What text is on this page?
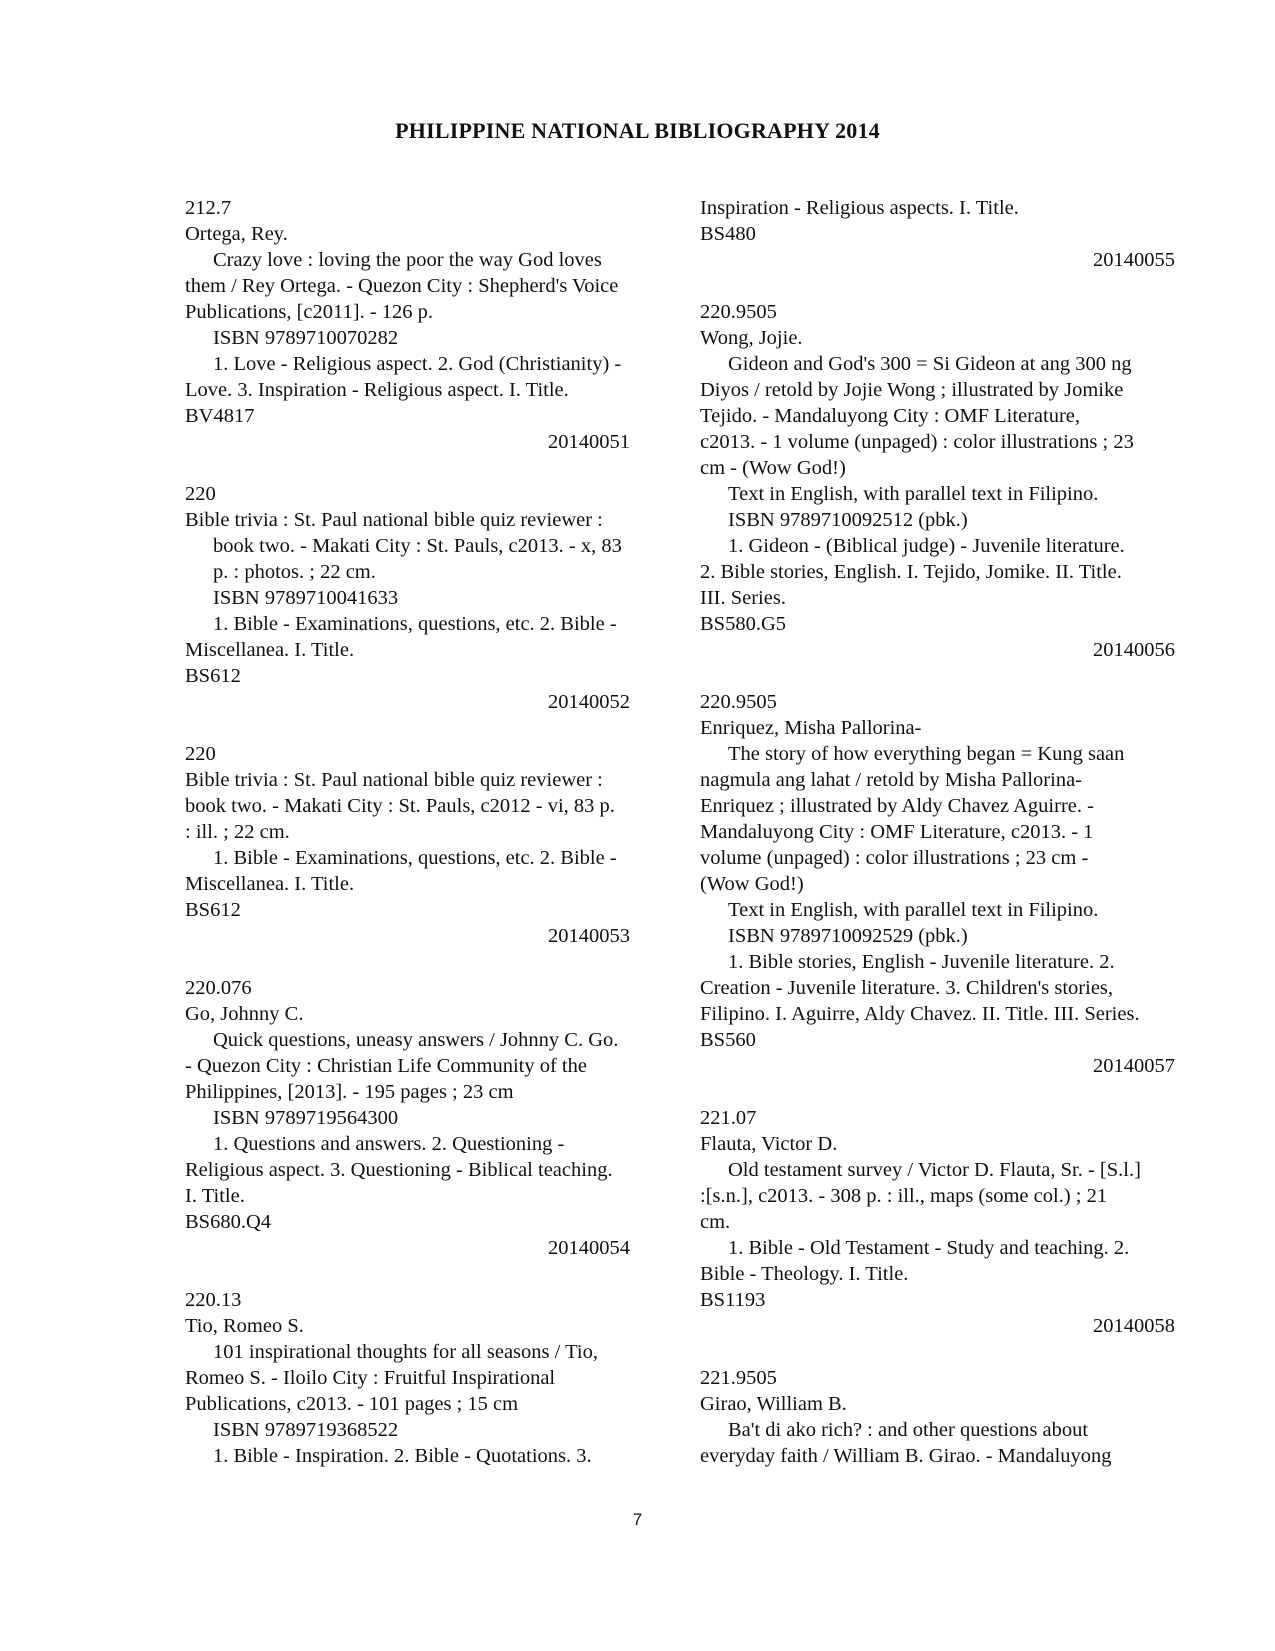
PHILIPPINE NATIONAL BIBLIOGRAPHY 2014
212.7
Ortega, Rey.
Crazy love : loving the poor the way God loves
them / Rey Ortega. - Quezon City : Shepherd's Voice
Publications, [c2011]. - 126 p.
ISBN 9789710070282
1. Love - Religious aspect. 2. God (Christianity) -
Love. 3. Inspiration - Religious aspect. I. Title.
BV4817
20140051
220
Bible trivia : St. Paul national bible quiz reviewer :
book two. - Makati City : St. Pauls, c2013. - x, 83
p. : photos. ; 22 cm.
ISBN 9789710041633
1. Bible - Examinations, questions, etc. 2. Bible -
Miscellanea. I. Title.
BS612
20140052
220
Bible trivia : St. Paul national bible quiz reviewer :
book two. - Makati City : St. Pauls, c2012 - vi, 83 p.
: ill. ; 22 cm.
1. Bible - Examinations, questions, etc. 2. Bible -
Miscellanea. I. Title.
BS612
20140053
220.076
Go, Johnny C.
Quick questions, uneasy answers / Johnny C. Go.
- Quezon City : Christian Life Community of the
Philippines, [2013]. - 195 pages ; 23 cm
ISBN 9789719564300
1. Questions and answers. 2. Questioning -
Religious aspect. 3. Questioning - Biblical teaching.
I. Title.
BS680.Q4
20140054
220.13
Tio, Romeo S.
101 inspirational thoughts for all seasons / Tio,
Romeo S. - Iloilo City : Fruitful Inspirational
Publications, c2013. - 101 pages ; 15 cm
ISBN 9789719368522
1. Bible - Inspiration. 2. Bible - Quotations. 3.
Inspiration - Religious aspects. I. Title.
BS480
20140055
220.9505
Wong, Jojie.
Gideon and God's 300 = Si Gideon at ang 300 ng
Diyos / retold by Jojie Wong ; illustrated by Jomike
Tejido. - Mandaluyong City : OMF Literature,
c2013. - 1 volume (unpaged) : color illustrations ; 23
cm - (Wow God!)
Text in English, with parallel text in Filipino.
ISBN 9789710092512 (pbk.)
1. Gideon - (Biblical judge) - Juvenile literature.
2. Bible stories, English. I. Tejido, Jomike. II. Title.
III. Series.
BS580.G5
20140056
220.9505
Enriquez, Misha Pallorina-
The story of how everything began = Kung saan
nagmula ang lahat / retold by Misha Pallorina-
Enriquez ; illustrated by Aldy Chavez Aguirre. -
Mandaluyong City : OMF Literature, c2013. - 1
volume (unpaged) : color illustrations ; 23 cm -
(Wow God!)
Text in English, with parallel text in Filipino.
ISBN 9789710092529 (pbk.)
1. Bible stories, English - Juvenile literature. 2.
Creation - Juvenile literature. 3. Children's stories,
Filipino. I. Aguirre, Aldy Chavez. II. Title. III. Series.
BS560
20140057
221.07
Flauta, Victor D.
Old testament survey / Victor D. Flauta, Sr. - [S.l.]
:[s.n.], c2013. - 308 p. : ill., maps (some col.) ; 21
cm.
1. Bible - Old Testament - Study and teaching. 2.
Bible - Theology. I. Title.
BS1193
20140058
221.9505
Girao, William B.
Ba't di ako rich? : and other questions about
everyday faith / William B. Girao. - Mandaluyong
7
